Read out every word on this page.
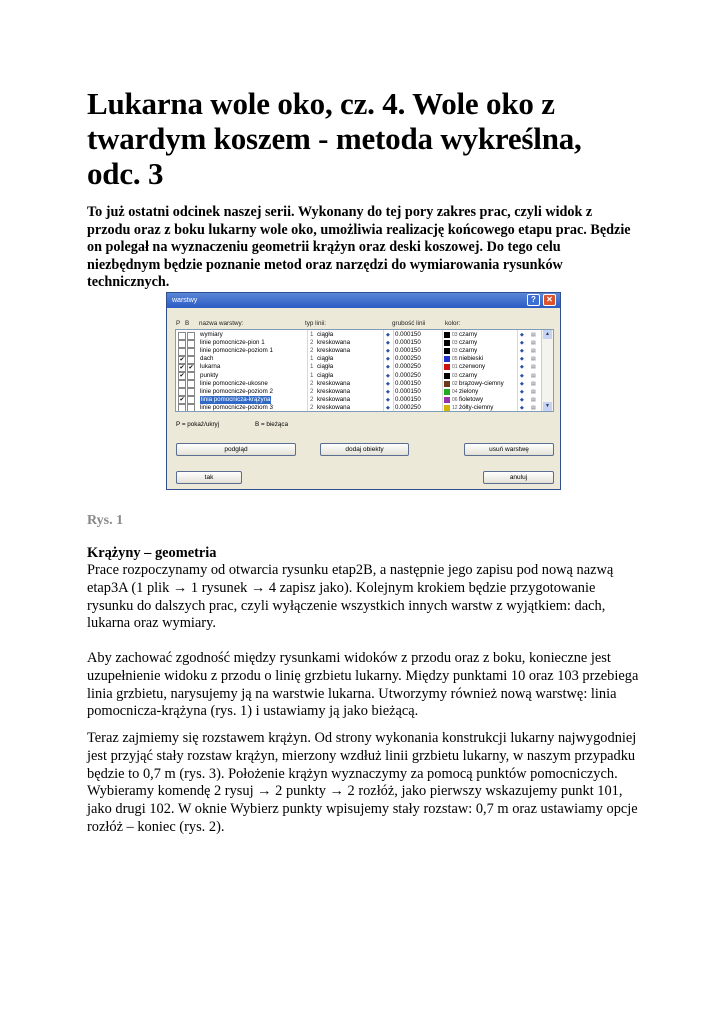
Lukarna wole oko, cz. 4. Wole oko z twardym koszem - metoda wykreślna, odc. 3

To już ostatni odcinek naszej serii. Wykonany do tej pory zakres prac, czyli widok z przodu oraz z boku lukarny wole oko, umożliwia realizację końcowego etapu prac. Będzie on polegał na wyznaczeniu geometrii krążyn oraz deski koszowej. Do tego celu niezbędnym będzie poznanie metod oraz narzędzi do wymiarowania rysunków technicznych.

warstwy	?	✕
P B nazwa warstwy:	typ linii:	grubość linii	kolor:
wymiary	1 ciągła	◆ 0.000150	03 czarny	◆ ▤
linie pomocnicze-pion 1	2 kreskowana	◆ 0.000150	03 czarny	◆ ▤
linie pomocnicze-poziom 1	2 kreskowana	◆ 0.000150	03 czarny	◆ ▤
✔ dach	1 ciągła	◆ 0.000250	05 niebieski	◆ ▤
✔ ✔ lukarna	1 ciągła	◆ 0.000250	01 czerwony	◆ ▤
✔ punkty	1 ciągła	◆ 0.000250	03 czarny	◆ ▤
linie pomocnicze-ukosne	2 kreskowana	◆ 0.000150	02 brązowy-ciemny	◆ ▤
linie pomocnicze-poziom 2	2 kreskowana	◆ 0.000150	04 zielony	◆ ▤
✔	linia pomocnicza-krążyna	2 kreskowana	◆ 0.000150	06 fioletowy	◆ ▤
linie pomocnicze-poziom 3	2 kreskowana	◆ 0.000250	12 żółty-ciemny	◆ ▤
▲
▼
P = pokaż/ukryj	B = bieżąca
podgląd	dodaj obiekty	usuń warstwę
tak	anuluj

Rys. 1

Krążyny – geometria

Prace rozpoczynamy od otwarcia rysunku etap2B, a następnie jego zapisu pod nową nazwą etap3A (1 plik → 1 rysunek → 4 zapisz jako). Kolejnym krokiem będzie przygotowanie rysunku do dalszych prac, czyli wyłączenie wszystkich innych warstw z wyjątkiem: dach, lukarna oraz wymiary.

Aby zachować zgodność między rysunkami widoków z przodu oraz z boku, konieczne jest uzupełnienie widoku z przodu o linię grzbietu lukarny. Między punktami 10 oraz 103 przebiega linia grzbietu, narysujemy ją na warstwie lukarna. Utworzymy również nową warstwę: linia pomocnicza-krążyna (rys. 1) i ustawiamy ją jako bieżącą.

Teraz zajmiemy się rozstawem krążyn. Od strony wykonania konstrukcji lukarny najwygodniej jest przyjąć stały rozstaw krążyn, mierzony wzdłuż linii grzbietu lukarny, w naszym przypadku będzie to 0,7 m (rys. 3). Położenie krążyn wyznaczymy za pomocą punktów pomocniczych. Wybieramy komendę 2 rysuj → 2 punkty → 2 rozłóż, jako pierwszy wskazujemy punkt 101, jako drugi 102. W oknie Wybierz punkty wpisujemy stały rozstaw: 0,7 m oraz ustawiamy opcje rozłóż – koniec (rys. 2).
